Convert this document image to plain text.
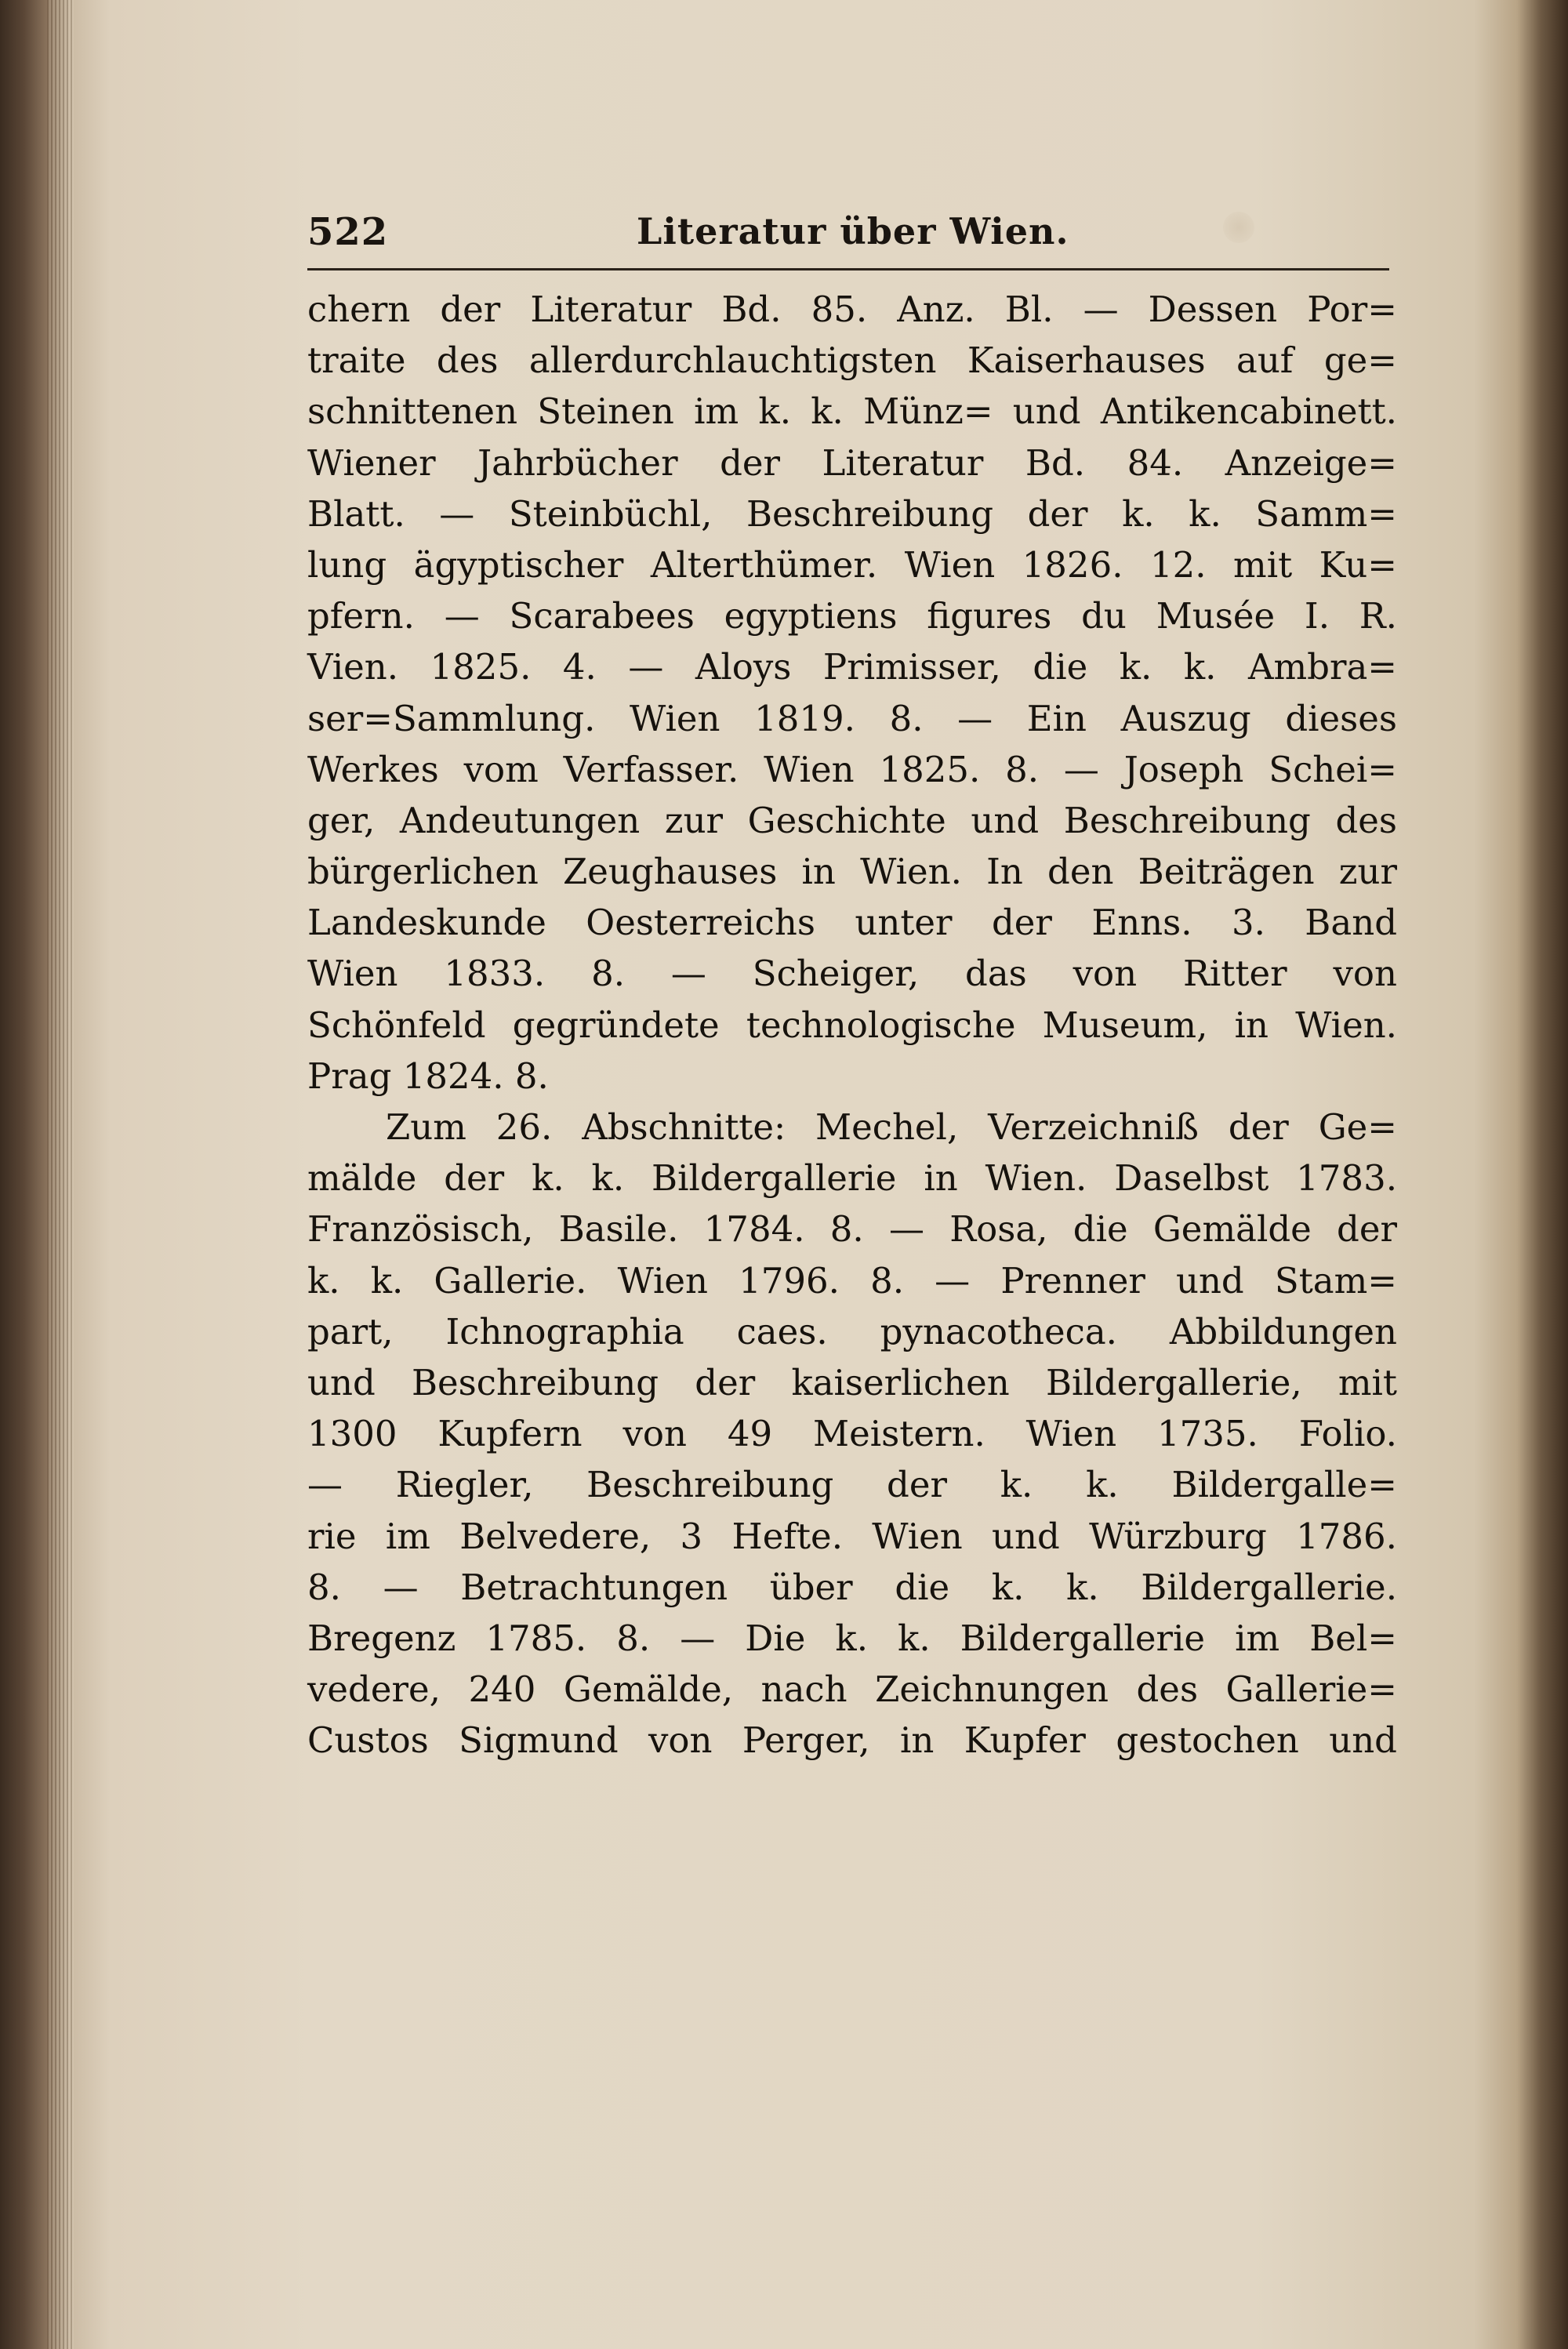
522	Literatur über Wien.
chern der Literatur Bd. 85. Anz. Bl. — Dessen Por=
traite des allerdurchlauchtigsten Kaiserhauses auf ge=
schnittenen Steinen im k. k. Münz= und Antikencabinett.
Wiener Jahrbücher der Literatur Bd. 84. Anzeige=
Blatt. — Steinbüchl, Beschreibung der k. k. Samm=
lung ägyptischer Alterthümer. Wien 1826. 12. mit Ku=
pfern. — Scarabees egyptiens figures du Musée I. R.
Vien. 1825. 4. — Aloys Primisser, die k. k. Ambra=
ser=Sammlung. Wien 1819. 8. — Ein Auszug dieses
Werkes vom Verfasser. Wien 1825. 8. — Joseph Schei=
ger, Andeutungen zur Geschichte und Beschreibung des
bürgerlichen Zeughauses in Wien. In den Beiträgen zur
Landeskunde Oesterreichs unter der Enns. 3. Band
Wien 1833. 8. — Scheiger, das von Ritter von
Schönfeld gegründete technologische Museum, in Wien.
Prag 1824. 8.
Zum 26. Abschnitte: Mechel, Verzeichniß der Ge=
mälde der k. k. Bildergallerie in Wien. Daselbst 1783.
Französisch, Basile. 1784. 8. — Rosa, die Gemälde der
k. k. Gallerie. Wien 1796. 8. — Prenner und Stam=
part, Ichnographia caes. pynacotheca. Abbildungen
und Beschreibung der kaiserlichen Bildergallerie, mit
1300 Kupfern von 49 Meistern. Wien 1735. Folio.
— Riegler, Beschreibung der k. k. Bildergalle=
rie im Belvedere, 3 Hefte. Wien und Würzburg 1786.
8. — Betrachtungen über die k. k. Bildergallerie.
Bregenz 1785. 8. — Die k. k. Bildergallerie im Bel=
vedere, 240 Gemälde, nach Zeichnungen des Gallerie=
Custos Sigmund von Perger, in Kupfer gestochen und
